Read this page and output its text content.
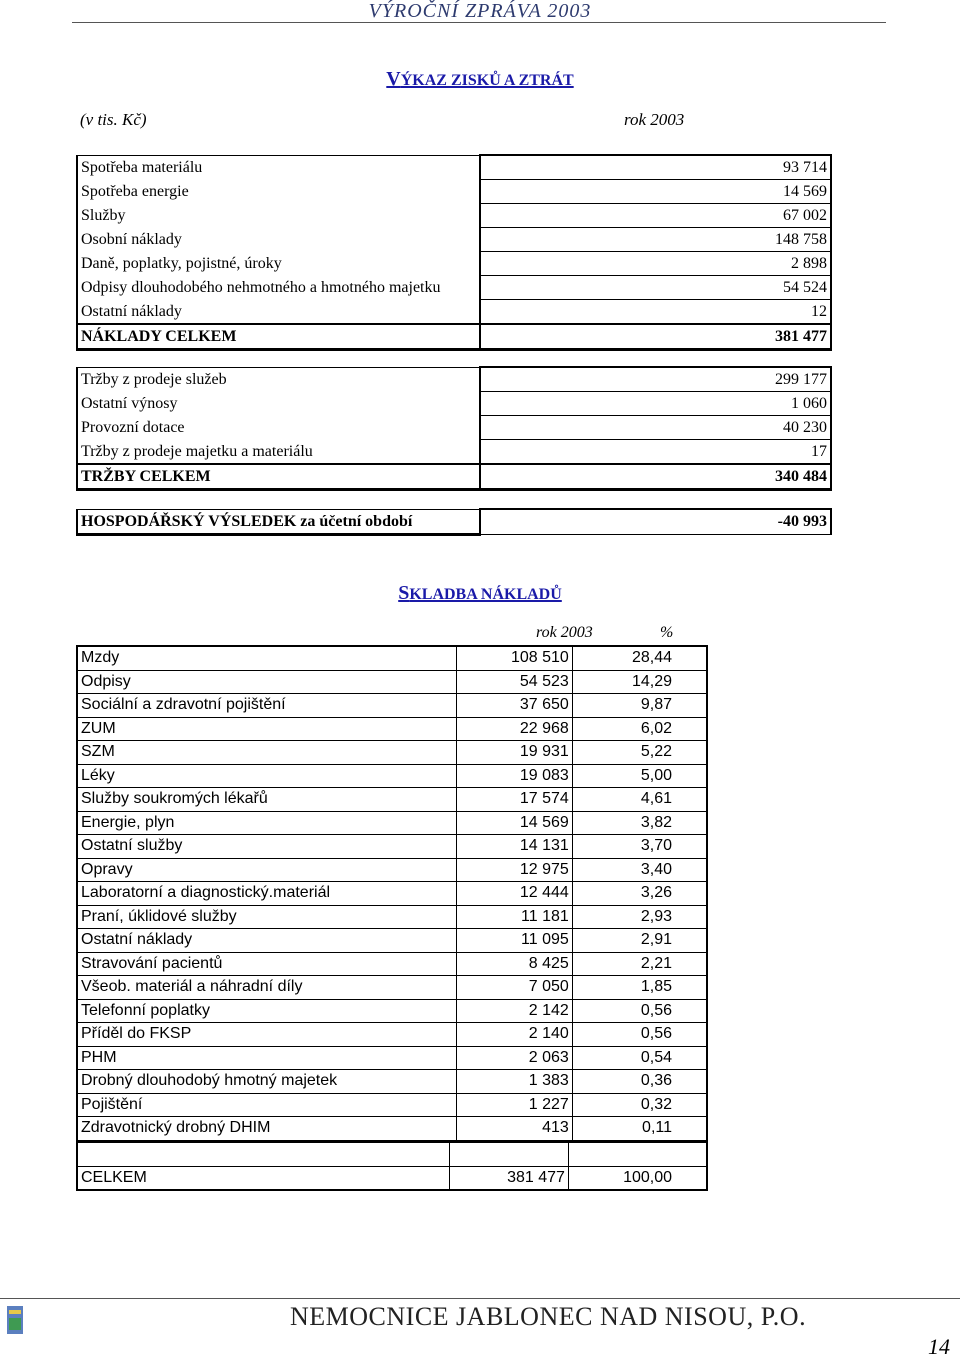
VÝROČNÍ ZPRÁVA 2003
VÝKAZ ZISKŮ A ZTRÁT
(v tis. Kč)	rok 2003
Spotřeba materiálu	93 714
Spotřeba energie	14 569
Služby	67 002
Osobní náklady	148 758
Daně, poplatky, pojistné, úroky	2 898
Odpisy dlouhodobého nehmotného a hmotného majetku	54 524
Ostatní náklady	12
NÁKLADY CELKEM	381 477
Tržby z prodeje služeb	299 177
Ostatní výnosy	1 060
Provozní dotace	40 230
Tržby z prodeje majetku a materiálu	17
TRŽBY CELKEM	340 484
HOSPODÁŘSKÝ VÝSLEDEK za účetní období	-40 993
SKLADBA NÁKLADŮ
rok 2003	%
Mzdy	108 510	28,44
Odpisy	54 523	14,29
Sociální a zdravotní pojištění	37 650	9,87
ZUM	22 968	6,02
SZM	19 931	5,22
Léky	19 083	5,00
Služby soukromých lékařů	17 574	4,61
Energie, plyn	14 569	3,82
Ostatní služby	14 131	3,70
Opravy	12 975	3,40
Laboratorní a diagnostický.materiál	12 444	3,26
Praní, úklidové služby	11 181	2,93
Ostatní náklady	11 095	2,91
Stravování pacientů	8 425	2,21
Všeob. materiál a náhradní díly	7 050	1,85
Telefonní poplatky	2 142	0,56
Příděl do FKSP	2 140	0,56
PHM	2 063	0,54
Drobný dlouhodobý hmotný majetek	1 383	0,36
Pojištění	1 227	0,32
Zdravotnický drobný DHIM	413	0,11

CELKEM	381 477	100,00
NEMOCNICE JABLONEC NAD NISOU, P.O.
14
